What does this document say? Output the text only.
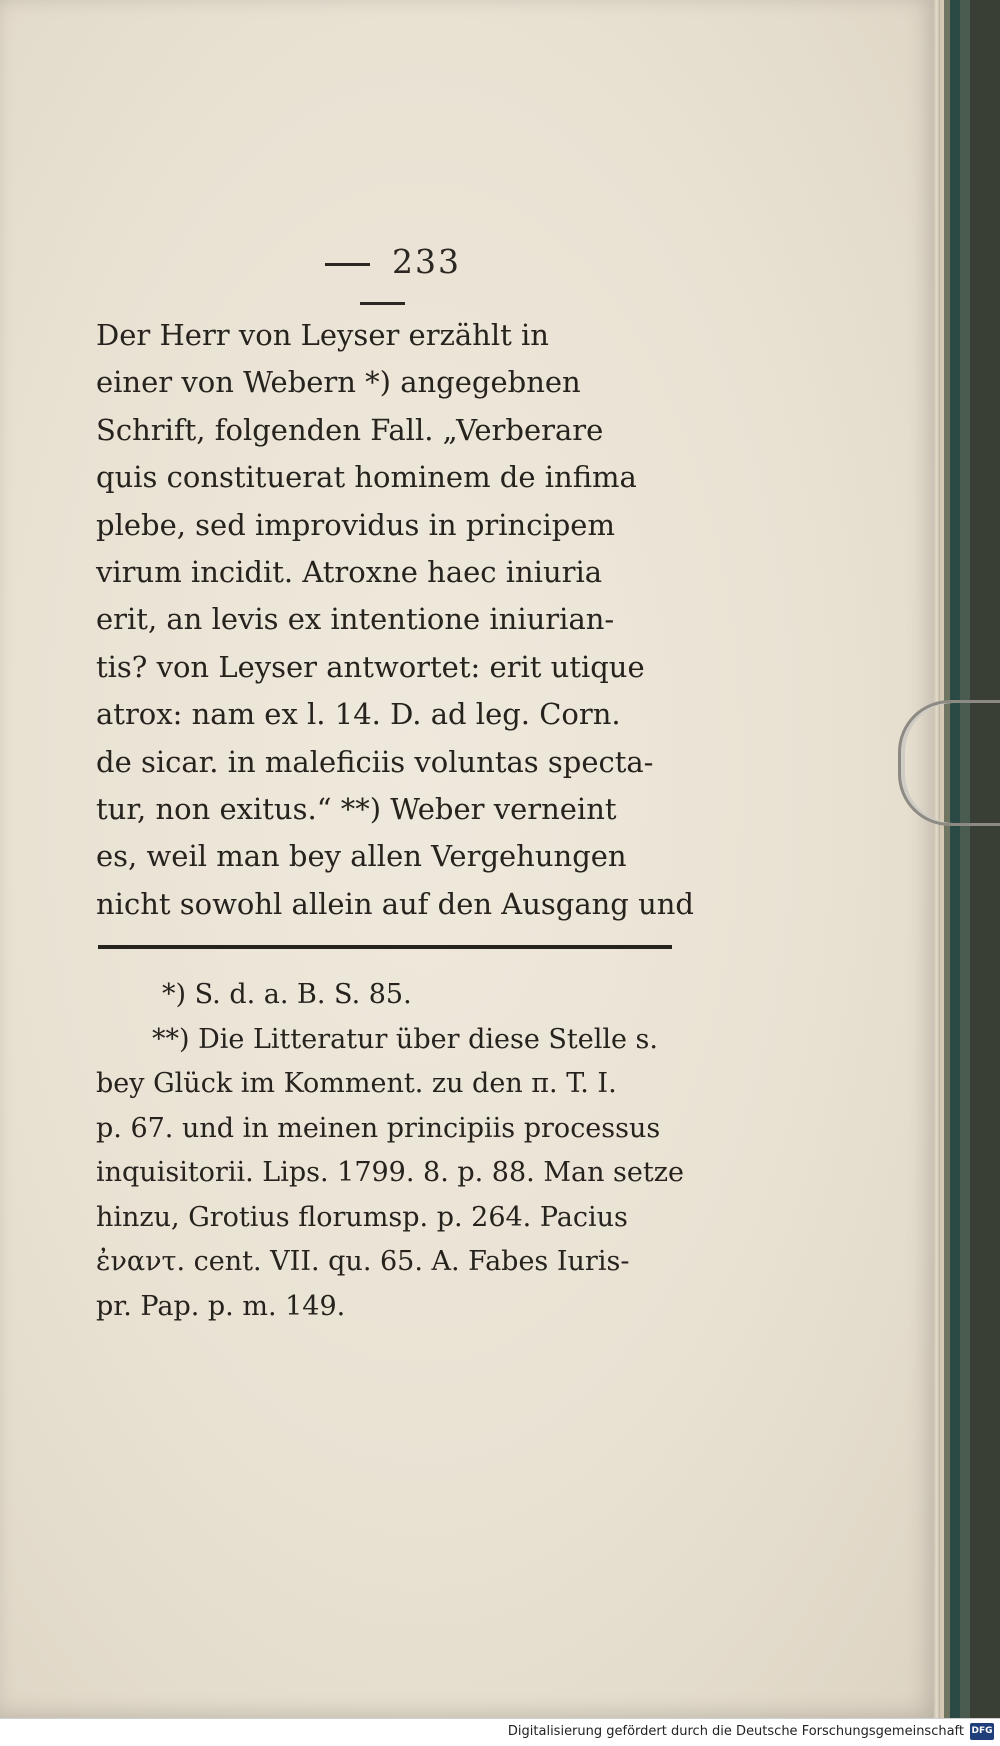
233
Der Herr von Leyser erzählt in
einer von Webern *) angegebnen
Schrift, folgenden Fall. „Verberare
quis constituerat hominem de infima
plebe, sed improvidus in principem
virum incidit. Atroxne haec iniuria
erit, an levis ex intentione iniurian-
tis? von Leyser antwortet: erit utique
atrox: nam ex l. 14. D. ad leg. Corn.
de sicar. in maleficiis voluntas specta-
tur, non exitus.“ **) Weber verneint
es, weil man bey allen Vergehungen
nicht sowohl allein auf den Ausgang und
*) S. d. a. B. S. 85.
**) Die Litteratur über diese Stelle s.
bey Glück im Komment. zu den π. T. I.
p. 67. und in meinen principiis processus
inquisitorii. Lips. 1799. 8. p. 88. Man setze
hinzu, Grotius florumsp. p. 264. Pacius
ἐναντ. cent. VII. qu. 65. A. Fabes Iuris-
pr. Pap. p. m. 149.
Digitalisierung gefördert durch die Deutsche Forschungsgemeinschaft DFG
